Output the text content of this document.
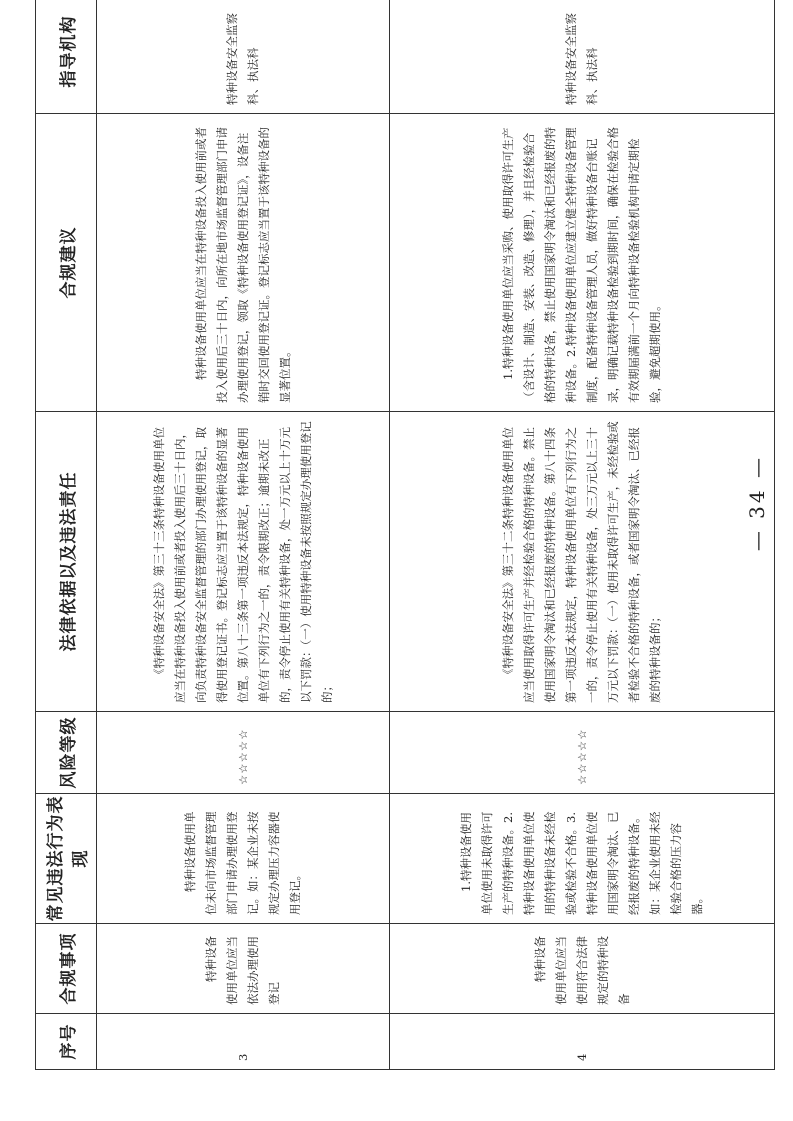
序号	合规事项	常见违法行为表现	风险等级	法律依据以及违法责任	合规建议	指导机构
3	特种设备使用单位应当依法办理使用登记	特种设备使用单位未向市场监督管理部门申请办理使用登记。如：某企业未按规定办理压力容器使用登记。	☆☆☆☆☆	《特种设备安全法》第三十三条特种设备使用单位应当在特种设备投入使用前或者投入使用后三十日内，向负责特种设备安全监督管理的部门办理使用登记，取得使用登记证书。登记标志应当置于该特种设备的显著位置。第八十三条第一项违反本法规定，特种设备使用单位有下列行为之一的，责令限期改正；逾期未改正的，责令停止使用有关特种设备，处一万元以上十万元以下罚款：（一）使用特种设备未按照规定办理使用登记的；	特种设备使用单位应当在特种设备投入使用前或者投入使用后三十日内，向所在地市场监督管理部门申请办理使用登记，领取《特种设备使用登记证》，设备注销时交回使用登记证。登记标志应当置于该特种设备的显著位置。	特种设备安全监察科、执法科
4	特种设备使用单位应当使用符合法律规定的特种设备	1.特种设备使用单位使用未取得许可生产的特种设备。2.特种设备使用单位使用的特种设备未经检验或检验不合格。3.特种设备使用单位使用国家明令淘汰、已经报废的特种设备。如：某企业使用未经检验合格的压力容器。	☆☆☆☆☆	《特种设备安全法》第三十二条特种设备使用单位应当使用取得许可生产并经检验合格的特种设备。禁止使用国家明令淘汰和已经报废的特种设备。第八十四条第一项违反本法规定，特种设备使用单位有下列行为之一的，责令停止使用有关特种设备，处三万元以上三十万元以下罚款：（一）使用未取得许可生产，未经检验或者检验不合格的特种设备，或者国家明令淘汰、已经报废的特种设备的；	1.特种设备使用单位应当采购、使用取得许可生产（含设计、制造、安装、改造、修理），并且经检验合格的特种设备，禁止使用国家明令淘汰和已经报废的特种设备。2.特种设备使用单位应建立健全特种设备管理制度，配备特种设备管理人员，做好特种设备台账记录，明确记载特种设备检验到期时间，确保在检验合格有效期届满前一个月向特种设备检验机构申请定期检验，避免超期使用。	特种设备安全监察科、执法科
— 34 —
